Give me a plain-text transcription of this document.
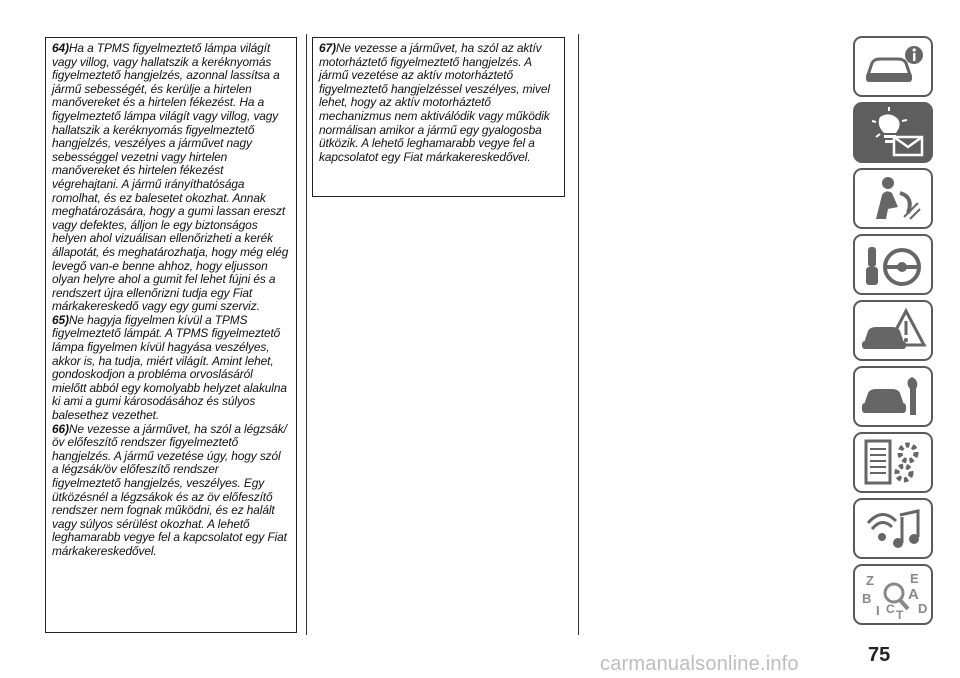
64)Ha a TPMS figyelmeztető lámpa világít vagy villog, vagy hallatszik a keréknyomás figyelmeztető hangjelzés, azonnal lassítsa a jármű sebességét, és kerülje a hirtelen manővereket és a hirtelen fékezést. Ha a figyelmeztető lámpa világít vagy villog, vagy hallatszik a keréknyomás figyelmeztető hangjelzés, veszélyes a járművet nagy sebességgel vezetni vagy hirtelen manővereket és hirtelen fékezést végrehajtani. A jármű irányíthatósága romolhat, és ez balesetet okozhat. Annak meghatározására, hogy a gumi lassan ereszt vagy defektes, álljon le egy biztonságos helyen ahol vizuálisan ellenőrizheti a kerék állapotát, és meghatározhatja, hogy még elég levegő van-e benne ahhoz, hogy eljusson olyan helyre ahol a gumit fel lehet fújni és a rendszert újra ellenőrizni tudja egy Fiat márkakereskedő vagy egy gumi szerviz.

65)Ne hagyja figyelmen kívül a TPMS figyelmeztető lámpát. A TPMS figyelmeztető lámpa figyelmen kívül hagyása veszélyes, akkor is, ha tudja, miért világít. Amint lehet, gondoskodjon a probléma orvoslásáról mielőtt abból egy komolyabb helyzet alakulna ki ami a gumi károsodásához és súlyos balesethez vezethet.

66)Ne vezesse a járművet, ha szól a légzsák/öv előfeszítő rendszer figyelmeztető hangjelzés. A jármű vezetése úgy, hogy szól a légzsák/öv előfeszítő rendszer figyelmeztető hangjelzés, veszélyes. Egy ütközésnél a légzsákok és az öv előfeszítő rendszer nem fognak működni, és ez halált vagy súlyos sérülést okozhat. A lehető leghamarabb vegye fel a kapcsolatot egy Fiat márkakereskedővel.

67)Ne vezesse a járművet, ha szól az aktív motorháztető figyelmeztető hangjelzés. A jármű vezetése az aktív motorháztető figyelmeztető hangjelzéssel veszélyes, mivel lehet, hogy az aktív motorháztető mechanizmus nem aktiválódik vagy működik normálisan amikor a jármű egy gyalogosba ütközik. A lehető leghamarabb vegye fel a kapcsolatot egy Fiat márkakereskedővel.

Z	E
B A
D
I C T
75
carmanualsonline.info
